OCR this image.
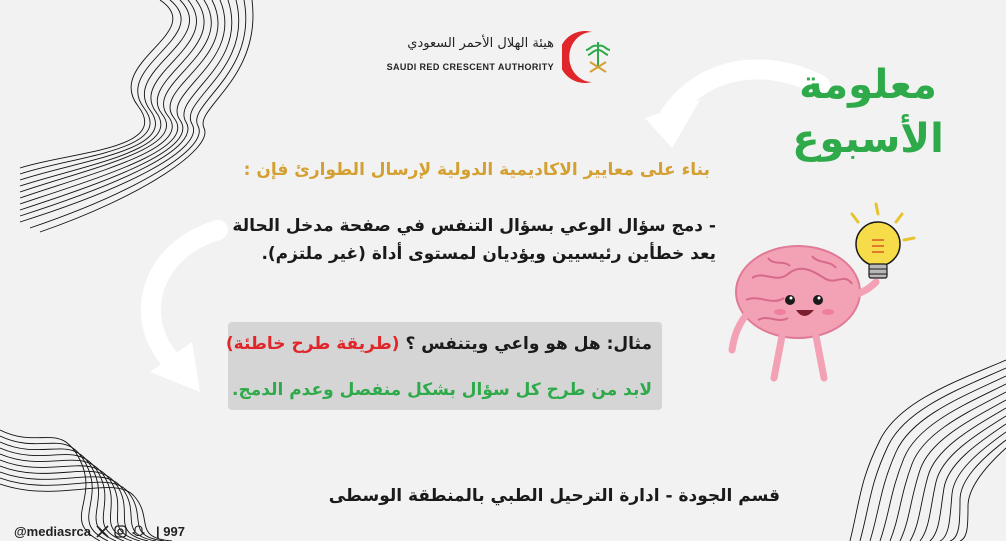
هيئة الهلال الأحمر السعودي
SAUDI RED CRESCENT AUTHORITY	معلومة
الأسبوع
بناء على معايير الاكاديمية الدولية لإرسال الطوارئ فإن :
- دمج سؤال الوعي بسؤال التنفس في صفحة مدخل الحالة
يعد خطأين رئيسيين ويؤديان لمستوى أداة (غير ملتزم).
مثال: هل هو واعي ويتنفس ؟ (طريقة طرح خاطئة)
لابد من طرح كل سؤال بشكل منفصل وعدم الدمج.
قسم الجودة - ادارة الترحيل الطبي بالمنطقة الوسطى
@mediasrca	| 997
